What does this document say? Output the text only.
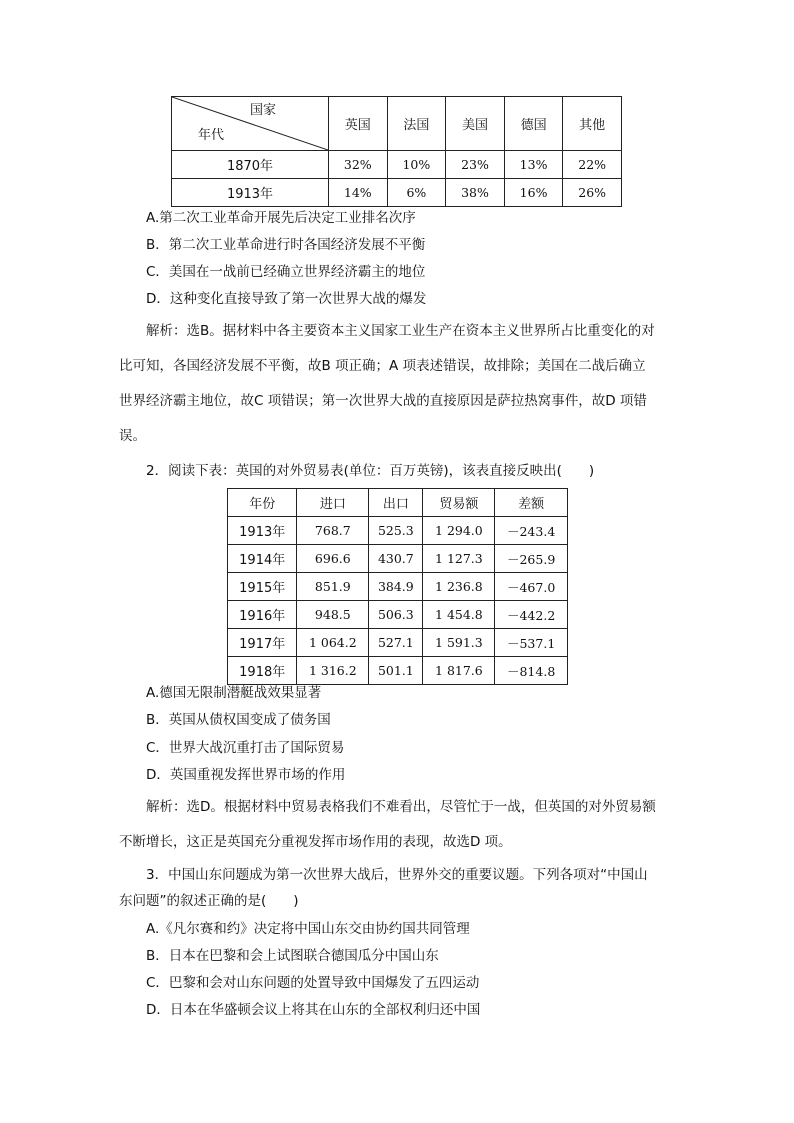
国家
年代	英国	法国	美国	德国	其他
1870年	32%	10%	23%	13%	22%
1913年	14%	6%	38%	16%	26%
A.第二次工业革命开展先后决定工业排名次序
B．第二次工业革命进行时各国经济发展不平衡
C．美国在一战前已经确立世界经济霸主的地位
D．这种变化直接导致了第一次世界大战的爆发
解析：选B。据材料中各主要资本主义国家工业生产在资本主义世界所占比重变化的对
比可知，各国经济发展不平衡，故B 项正确；A 项表述错误，故排除；美国在二战后确立
世界经济霸主地位，故C 项错误；第一次世界大战的直接原因是萨拉热窝事件，故D 项错
误。
2．阅读下表：英国的对外贸易表(单位：百万英镑)，该表直接反映出(　　)
年份	进口	出口	贸易额	差额
1913年	768.7	525.3	1 294.0	－243.4
1914年	696.6	430.7	1 127.3	－265.9
1915年	851.9	384.9	1 236.8	－467.0
1916年	948.5	506.3	1 454.8	－442.2
1917年	1 064.2	527.1	1 591.3	－537.1
1918年	1 316.2	501.1	1 817.6	－814.8
A.德国无限制潜艇战效果显著
B．英国从债权国变成了债务国
C．世界大战沉重打击了国际贸易
D．英国重视发挥世界市场的作用
解析：选D。根据材料中贸易表格我们不难看出，尽管忙于一战，但英国的对外贸易额
不断增长，这正是英国充分重视发挥市场作用的表现，故选D 项。
3．中国山东问题成为第一次世界大战后，世界外交的重要议题。下列各项对“中国山
东问题”的叙述正确的是(　　)
A.《凡尔赛和约》决定将中国山东交由协约国共同管理
B．日本在巴黎和会上试图联合德国瓜分中国山东
C．巴黎和会对山东问题的处置导致中国爆发了五四运动
D．日本在华盛顿会议上将其在山东的全部权利归还中国
